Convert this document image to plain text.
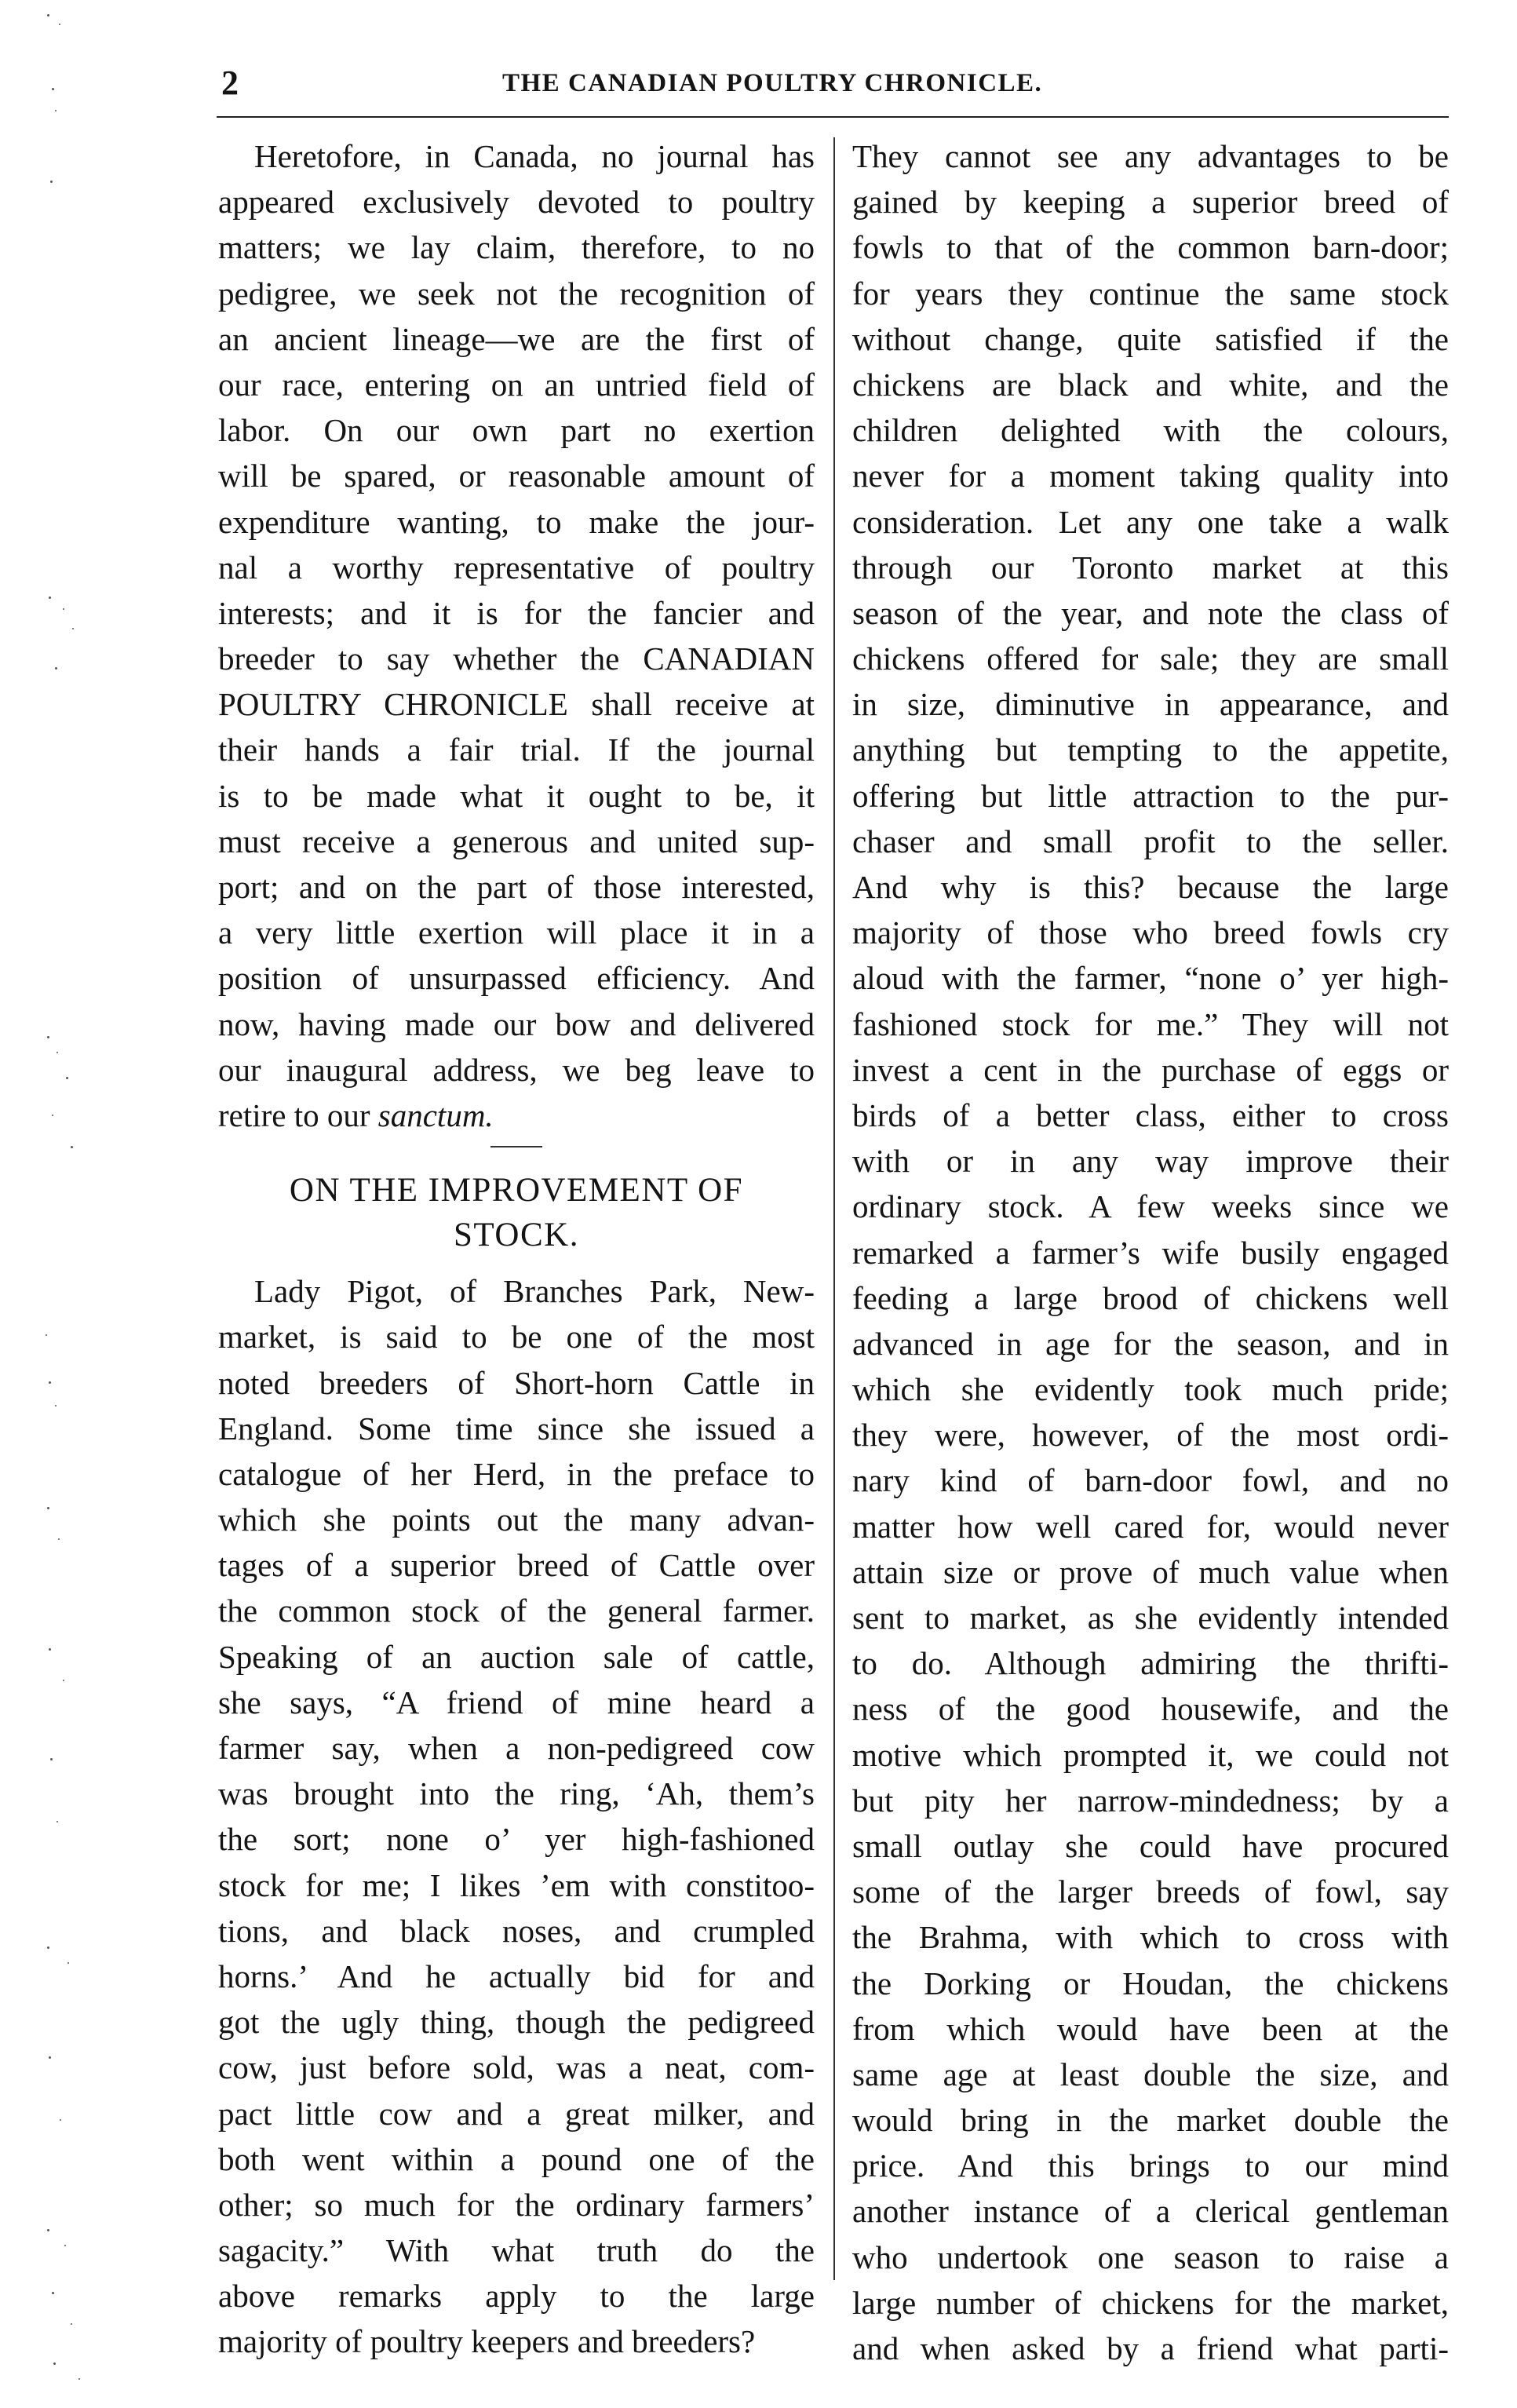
2	THE CANADIAN POULTRY CHRONICLE.
Heretofore, in Canada, no journal has
appeared exclusively devoted to poultry
matters; we lay claim, therefore, to no
pedigree, we seek not the recognition of
an ancient lineage—we are the first of
our race, entering on an untried field of
labor. On our own part no exertion
will be spared, or reasonable amount of
expenditure wanting, to make the jour-
nal a worthy representative of poultry
interests; and it is for the fancier and
breeder to say whether the CANADIAN
POULTRY CHRONICLE shall receive at
their hands a fair trial. If the journal
is to be made what it ought to be, it
must receive a generous and united sup-
port; and on the part of those interested,
a very little exertion will place it in a
position of unsurpassed efficiency. And
now, having made our bow and delivered
our inaugural address, we beg leave to
retire to our sanctum.
ON THE IMPROVEMENT OF
STOCK.
Lady Pigot, of Branches Park, New-
market, is said to be one of the most
noted breeders of Short-horn Cattle in
England. Some time since she issued a
catalogue of her Herd, in the preface to
which she points out the many advan-
tages of a superior breed of Cattle over
the common stock of the general farmer.
Speaking of an auction sale of cattle,
she says, “A friend of mine heard a
farmer say, when a non-pedigreed cow
was brought into the ring, ‘Ah, them’s
the sort; none o’ yer high-fashioned
stock for me; I likes ’em with constitoo-
tions, and black noses, and crumpled
horns.’ And he actually bid for and
got the ugly thing, though the pedigreed
cow, just before sold, was a neat, com-
pact little cow and a great milker, and
both went within a pound one of the
other; so much for the ordinary farmers’
sagacity.” With what truth do the
above remarks apply to the large
majority of poultry keepers and breeders?
They cannot see any advantages to be
gained by keeping a superior breed of
fowls to that of the common barn-door;
for years they continue the same stock
without change, quite satisfied if the
chickens are black and white, and the
children delighted with the colours,
never for a moment taking quality into
consideration. Let any one take a walk
through our Toronto market at this
season of the year, and note the class of
chickens offered for sale; they are small
in size, diminutive in appearance, and
anything but tempting to the appetite,
offering but little attraction to the pur-
chaser and small profit to the seller.
And why is this? because the large
majority of those who breed fowls cry
aloud with the farmer, “none o’ yer high-
fashioned stock for me.” They will not
invest a cent in the purchase of eggs or
birds of a better class, either to cross
with or in any way improve their
ordinary stock. A few weeks since we
remarked a farmer’s wife busily engaged
feeding a large brood of chickens well
advanced in age for the season, and in
which she evidently took much pride;
they were, however, of the most ordi-
nary kind of barn-door fowl, and no
matter how well cared for, would never
attain size or prove of much value when
sent to market, as she evidently intended
to do. Although admiring the thrifti-
ness of the good housewife, and the
motive which prompted it, we could not
but pity her narrow-mindedness; by a
small outlay she could have procured
some of the larger breeds of fowl, say
the Brahma, with which to cross with
the Dorking or Houdan, the chickens
from which would have been at the
same age at least double the size, and
would bring in the market double the
price. And this brings to our mind
another instance of a clerical gentleman
who undertook one season to raise a
large number of chickens for the market,
and when asked by a friend what parti-
